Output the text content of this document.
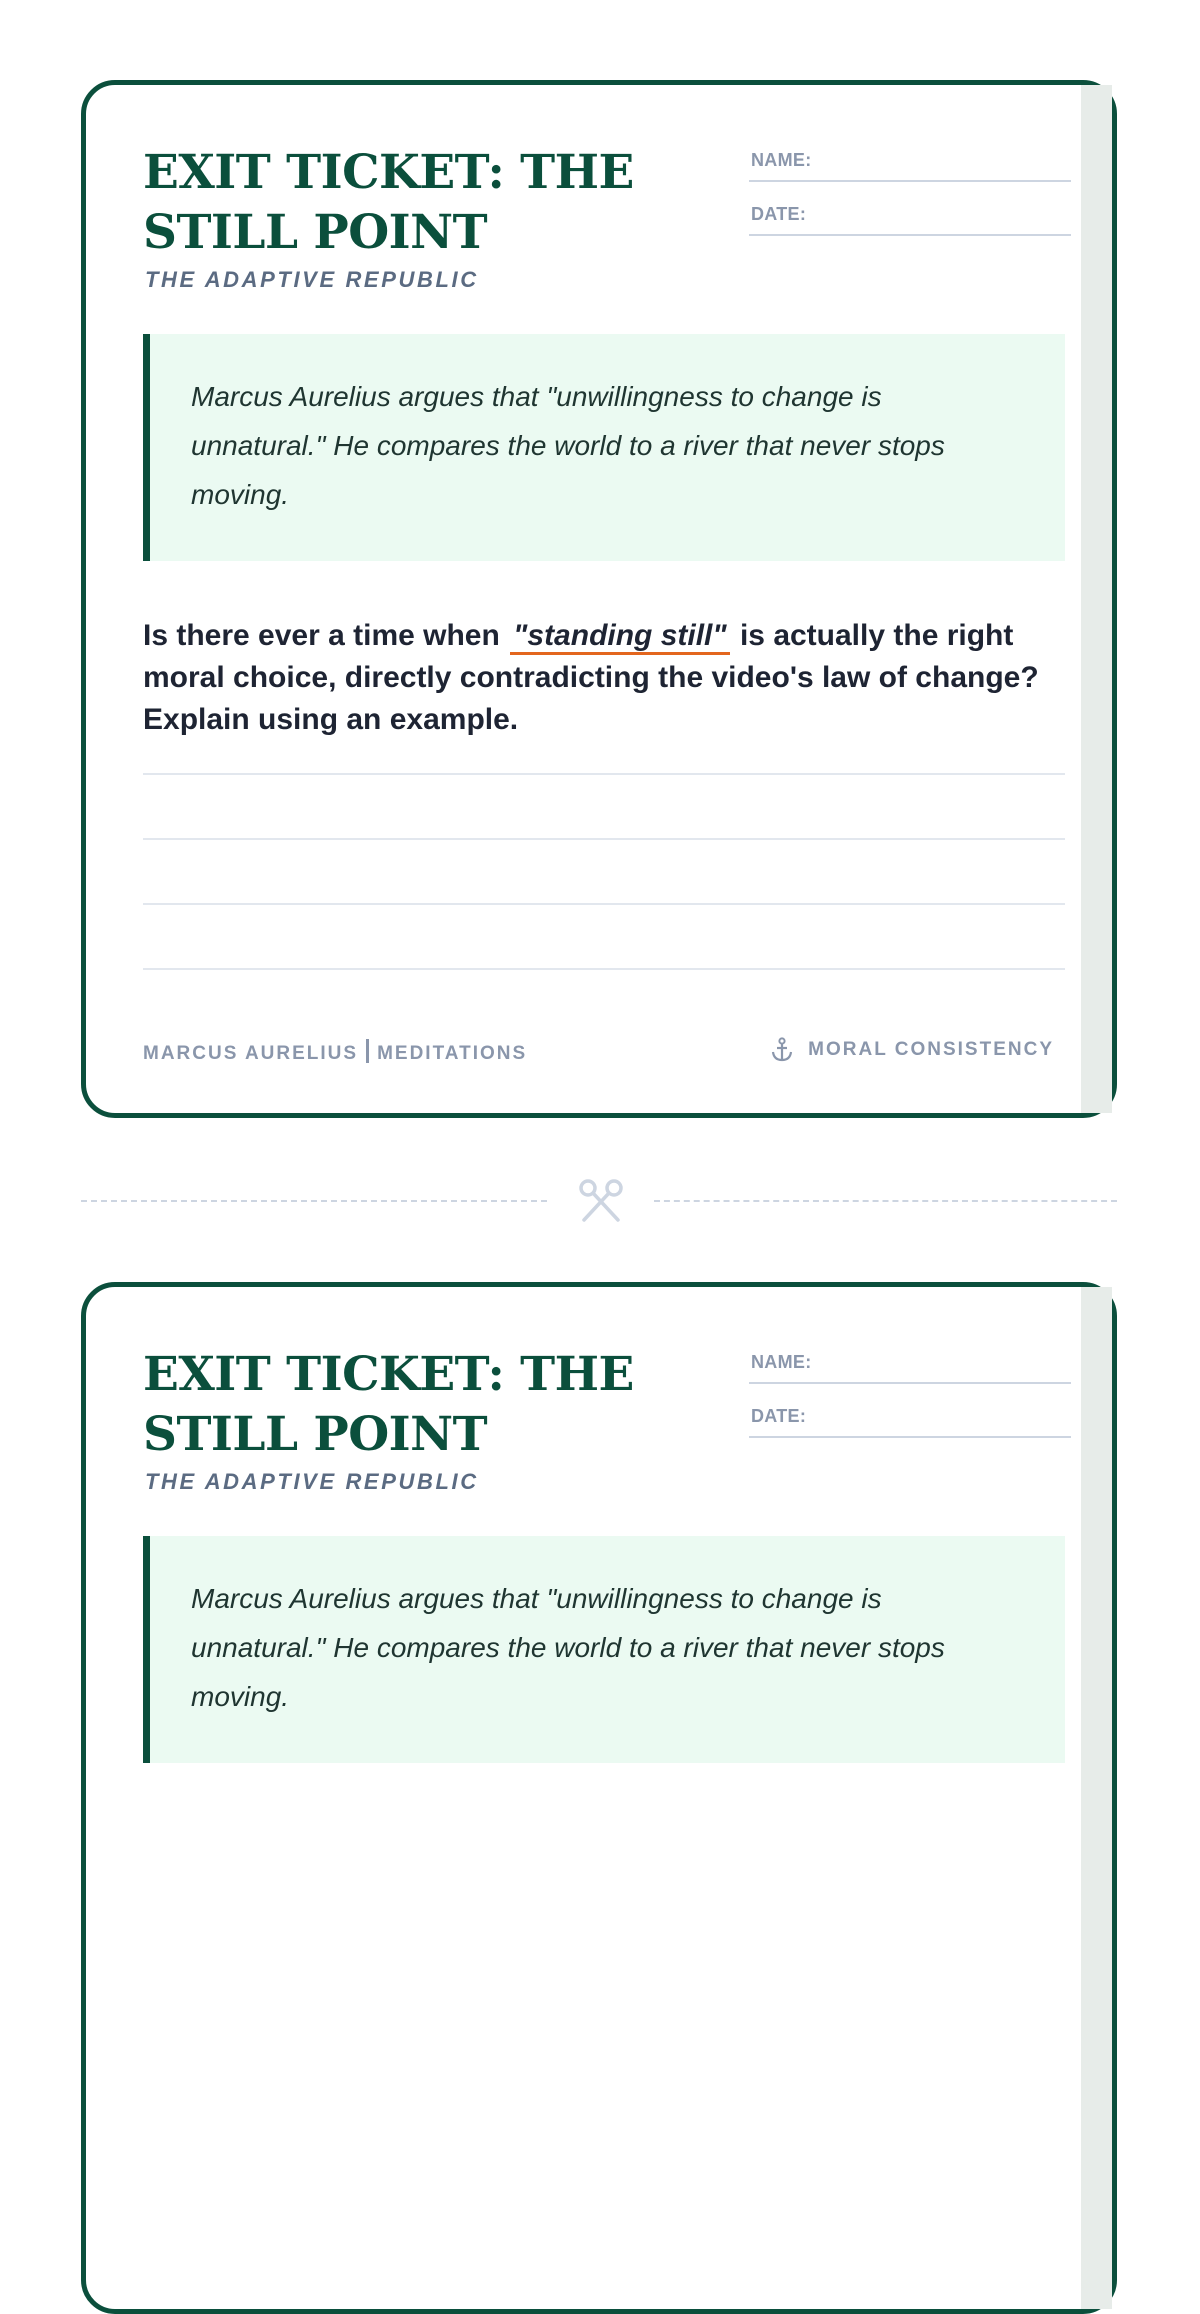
EXIT TICKET: THE STILL POINT
THE ADAPTIVE REPUBLIC
NAME:
DATE:
Marcus Aurelius argues that "unwillingness to change is unnatural." He compares the world to a river that never stops moving.

Is there ever a time when "standing still" is actually the right moral choice, directly contradicting the video's law of change? Explain using an example.

MARCUS AURELIUS MEDITATIONS	MORAL CONSISTENCY
EXIT TICKET: THE STILL POINT
THE ADAPTIVE REPUBLIC
NAME:
DATE:
Marcus Aurelius argues that "unwillingness to change is unnatural." He compares the world to a river that never stops moving.
